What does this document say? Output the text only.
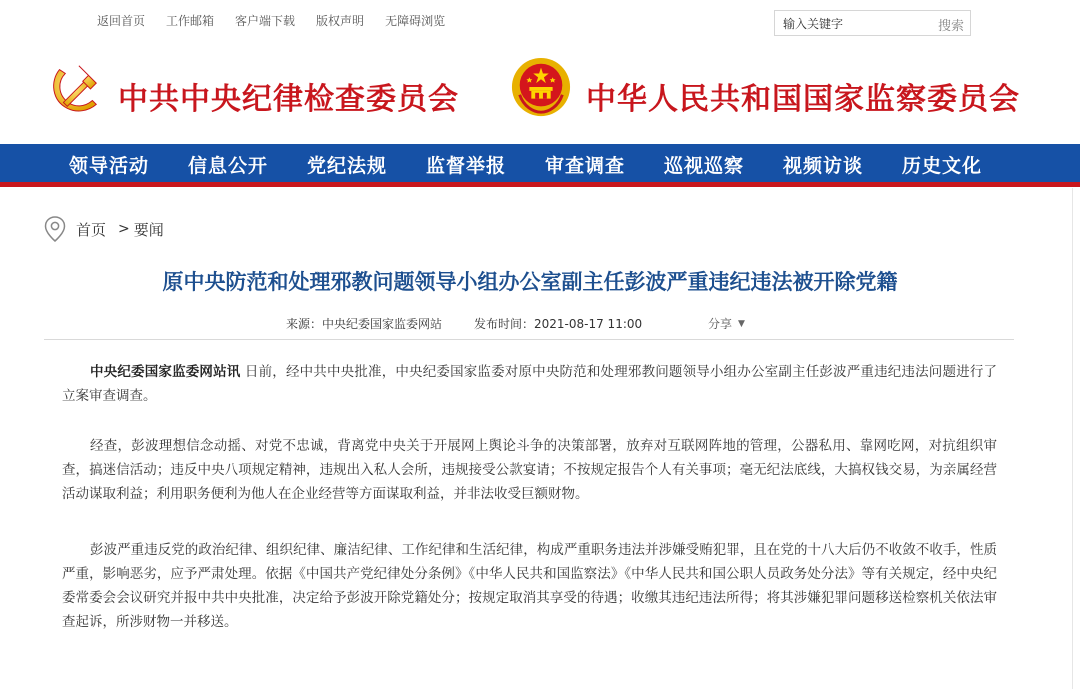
返回首页 工作邮箱 客户端下载 版权声明 无障碍浏览
输入关键字	搜索
中共中央纪律检查委员会	中华人民共和国国家监察委员会
领导活动 信息公开 党纪法规 监督举报 审查调查 巡视巡察 视频访谈 历史文化
首页 > 要闻
原中央防范和处理邪教问题领导小组办公室副主任彭波严重违纪违法被开除党籍
来源：中央纪委国家监委网站	发布时间：2021-08-17 11:00	分享 ▼

中央纪委国家监委网站讯 日前，经中共中央批准，中央纪委国家监委对原中央防范和处理邪教问题领导小组办公室副主任彭波严重违纪违法问题进行了立案审查调查。

经查，彭波理想信念动摇、对党不忠诚，背离党中央关于开展网上舆论斗争的决策部署，放弃对互联网阵地的管理，公器私用、靠网吃网，对抗组织审查，搞迷信活动；违反中央八项规定精神，违规出入私人会所，违规接受公款宴请；不按规定报告个人有关事项；毫无纪法底线，大搞权钱交易，为亲属经营活动谋取利益；利用职务便利为他人在企业经营等方面谋取利益，并非法收受巨额财物。

彭波严重违反党的政治纪律、组织纪律、廉洁纪律、工作纪律和生活纪律，构成严重职务违法并涉嫌受贿犯罪，且在党的十八大后仍不收敛不收手，性质严重，影响恶劣，应予严肃处理。依据《中国共产党纪律处分条例》《中华人民共和国监察法》《中华人民共和国公职人员政务处分法》等有关规定，经中央纪委常委会会议研究并报中共中央批准，决定给予彭波开除党籍处分；按规定取消其享受的待遇；收缴其违纪违法所得；将其涉嫌犯罪问题移送检察机关依法审查起诉，所涉财物一并移送。
